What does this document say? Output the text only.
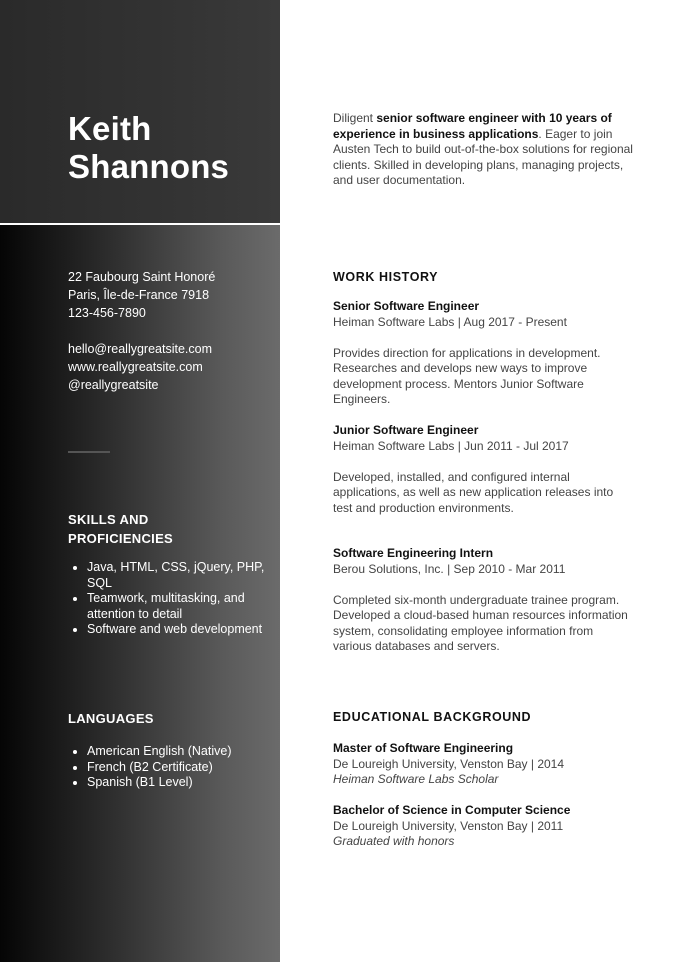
Keith
Shannons
22 Faubourg Saint Honoré
Paris, Île-de-France 7918
123-456-7890
hello@reallygreatsite.com
www.reallygreatsite.com
@reallygreatsite
SKILLS AND
PROFICIENCIES
• Java, HTML, CSS, jQuery, PHP, SQL
• Teamwork, multitasking, and attention to detail
• Software and web development
LANGUAGES
• American English (Native)
• French (B2 Certificate)
• Spanish (B1 Level)
Diligent senior software engineer with 10 years of experience in business applications. Eager to join Austen Tech to build out-of-the-box solutions for regional clients. Skilled in developing plans, managing projects, and user documentation.
WORK HISTORY
Senior Software Engineer
Heiman Software Labs | Aug 2017 - Present
Provides direction for applications in development. Researches and develops new ways to improve development process. Mentors Junior Software Engineers.
Junior Software Engineer
Heiman Software Labs | Jun 2011 - Jul 2017
Developed, installed, and configured internal applications, as well as new application releases into test and production environments.
Software Engineering Intern
Berou Solutions, Inc. | Sep 2010 - Mar 2011
Completed six-month undergraduate trainee program. Developed a cloud-based human resources information system, consolidating employee information from various databases and servers.
EDUCATIONAL BACKGROUND
Master of Software Engineering
De Loureigh University, Venston Bay | 2014
Heiman Software Labs Scholar
Bachelor of Science in Computer Science
De Loureigh University, Venston Bay | 2011
Graduated with honors
